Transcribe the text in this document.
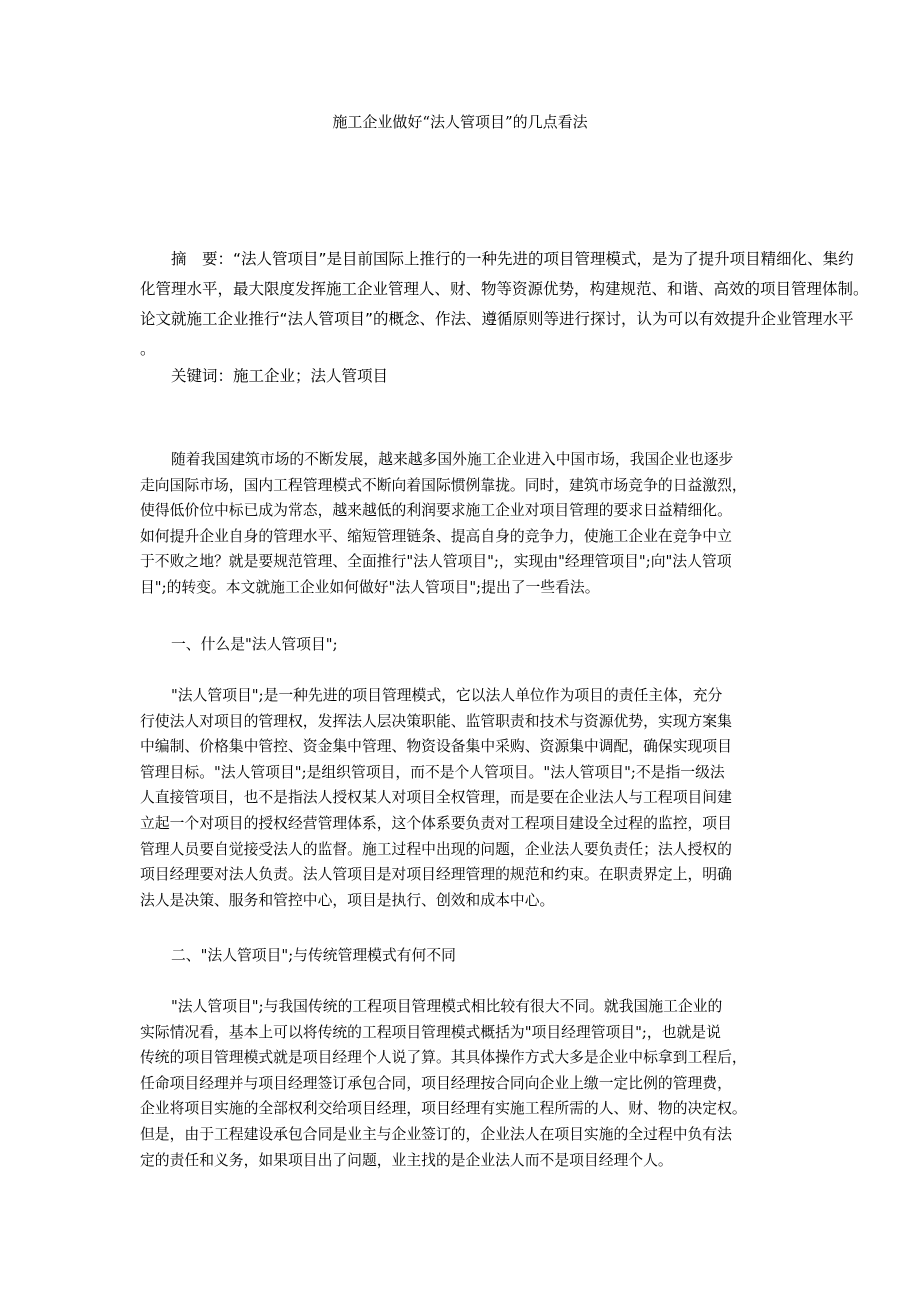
施工企业做好“法人管项目”的几点看法
摘　要：“法人管项目”是目前国际上推行的一种先进的项目管理模式，是为了提升项目精细化、集约
化管理水平，最大限度发挥施工企业管理人、财、物等资源优势，构建规范、和谐、高效的项目管理体制。
论文就施工企业推行“法人管项目”的概念、作法、遵循原则等进行探讨，认为可以有效提升企业管理水平
。

关键词：施工企业；法人管项目

随着我国建筑市场的不断发展，越来越多国外施工企业进入中国市场，我国企业也逐步
走向国际市场，国内工程管理模式不断向着国际惯例靠拢。同时，建筑市场竞争的日益激烈，
使得低价位中标已成为常态，越来越低的利润要求施工企业对项目管理的要求日益精细化。
如何提升企业自身的管理水平、缩短管理链条、提高自身的竞争力，使施工企业在竞争中立
于不败之地？就是要规范管理、全面推行"法人管项目";，实现由"经理管项目";向"法人管项
目";的转变。本文就施工企业如何做好"法人管项目";提出了一些看法。

一、什么是"法人管项目";

"法人管项目";是一种先进的项目管理模式，它以法人单位作为项目的责任主体，充分
行使法人对项目的管理权，发挥法人层决策职能、监管职责和技术与资源优势，实现方案集
中编制、价格集中管控、资金集中管理、物资设备集中采购、资源集中调配，确保实现项目
管理目标。"法人管项目";是组织管项目，而不是个人管项目。"法人管项目";不是指一级法
人直接管项目，也不是指法人授权某人对项目全权管理，而是要在企业法人与工程项目间建
立起一个对项目的授权经营管理体系，这个体系要负责对工程项目建设全过程的监控，项目
管理人员要自觉接受法人的监督。施工过程中出现的问题，企业法人要负责任；法人授权的
项目经理要对法人负责。法人管项目是对项目经理管理的规范和约束。在职责界定上，明确
法人是决策、服务和管控中心，项目是执行、创效和成本中心。

二、"法人管项目";与传统管理模式有何不同

"法人管项目";与我国传统的工程项目管理模式相比较有很大不同。就我国施工企业的
实际情况看，基本上可以将传统的工程项目管理模式概括为"项目经理管项目";，也就是说
传统的项目管理模式就是项目经理个人说了算。其具体操作方式大多是企业中标拿到工程后，
任命项目经理并与项目经理签订承包合同，项目经理按合同向企业上缴一定比例的管理费，
企业将项目实施的全部权利交给项目经理，项目经理有实施工程所需的人、财、物的决定权。
但是，由于工程建设承包合同是业主与企业签订的，企业法人在项目实施的全过程中负有法
定的责任和义务，如果项目出了问题，业主找的是企业法人而不是项目经理个人。
